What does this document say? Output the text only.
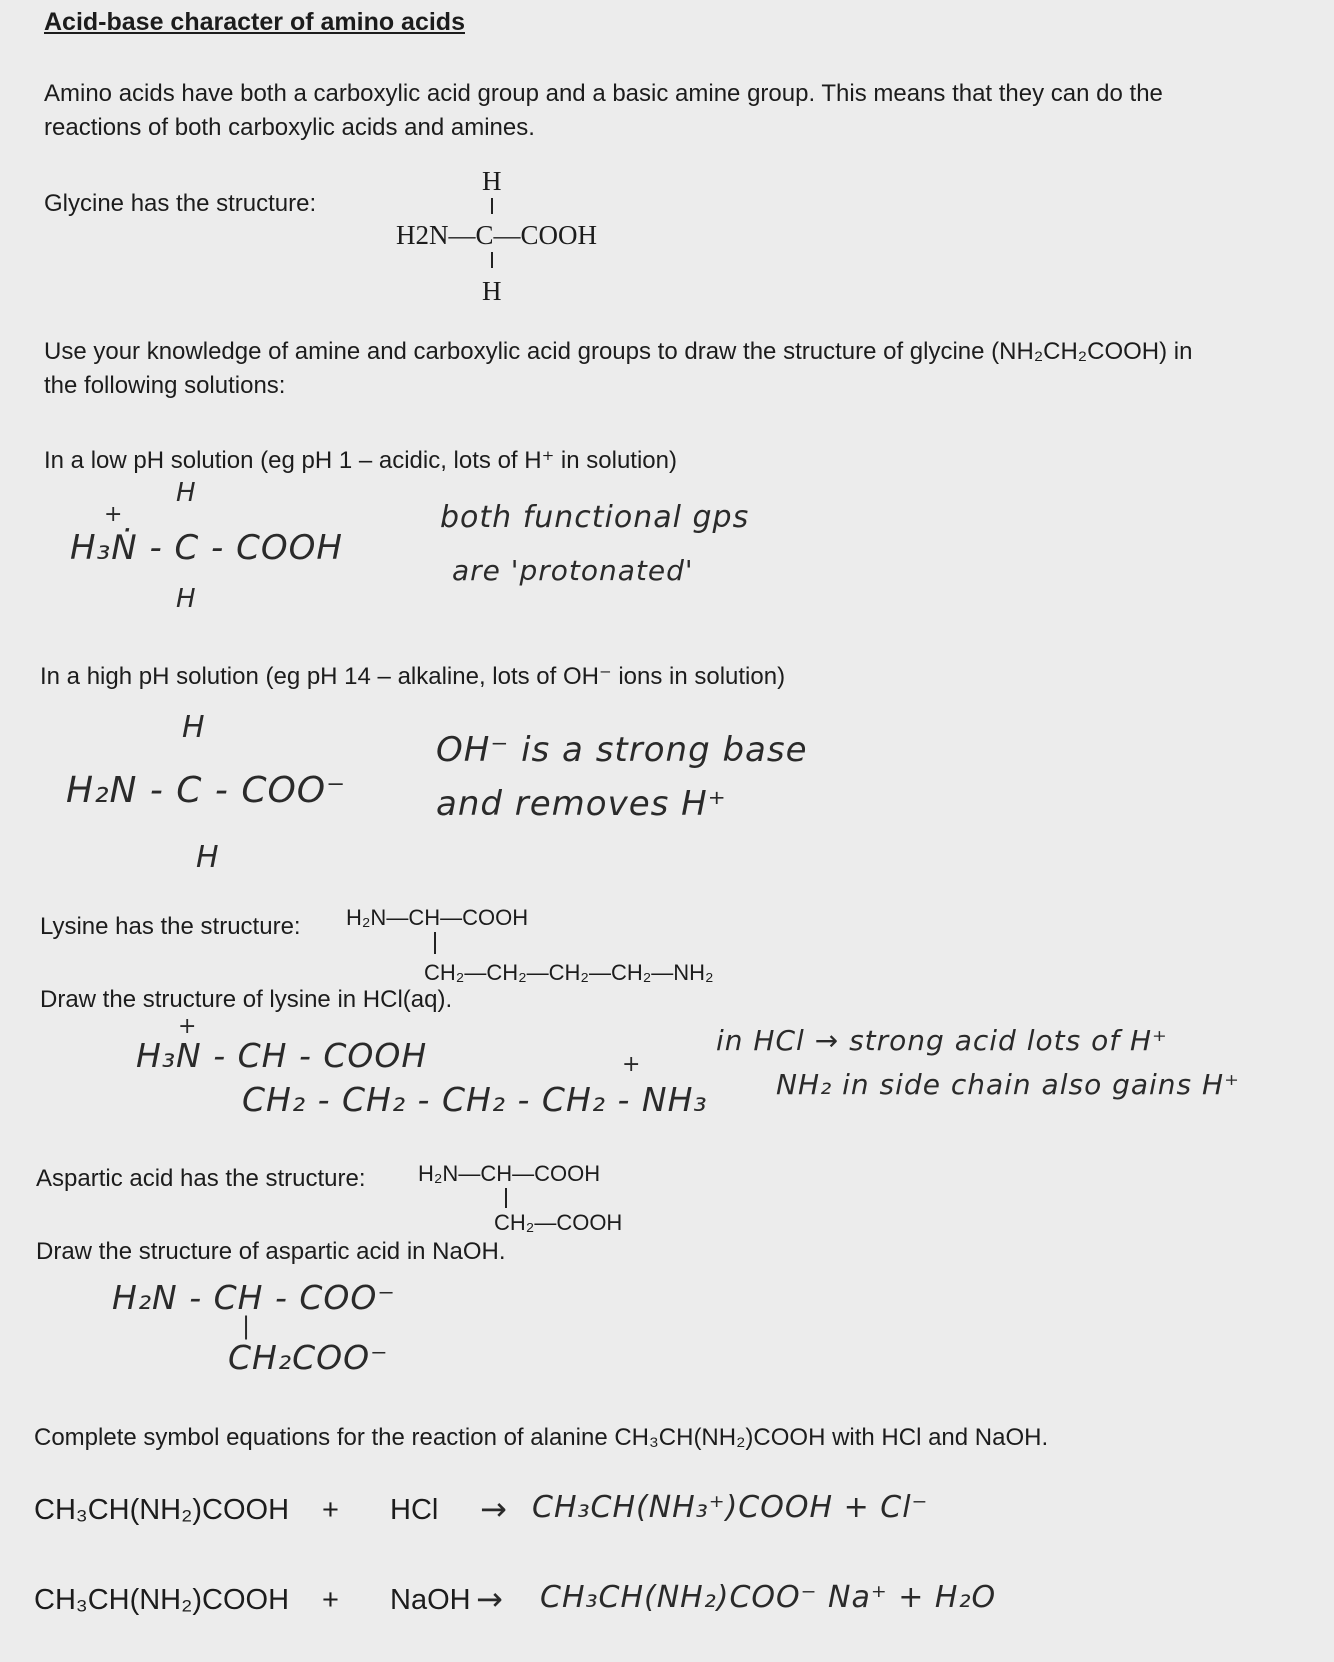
Acid-base character of amino acids
Amino acids have both a carboxylic acid group and a basic amine group. This means that they can do the
reactions of both carboxylic acids and amines.
Glycine has the structure:
H
H2N—C—COOH
H
Use your knowledge of amine and carboxylic acid groups to draw the structure of glycine (NH₂CH₂COOH) in
the following solutions:
In a low pH solution (eg pH 1 – acidic, lots of H⁺ in solution)
H
+
H₃Ṅ - C - COOH
H
both functional gps
are 'protonated'
In a high pH solution (eg pH 14 – alkaline, lots of OH⁻ ions in solution)
H
H₂N - C - COO⁻
H
OH⁻ is a strong base
and removes H⁺
Lysine has the structure: H₂N—CH—COOH
CH₂—CH₂—CH₂—CH₂—NH₂
Draw the structure of lysine in HCl(aq).
+
H₃N - CH - COOH	+
CH₂ - CH₂ - CH₂ - CH₂ - NH₃
in HCl → strong acid lots of H⁺
NH₂ in side chain also gains H⁺
Aspartic acid has the structure: H₂N—CH—COOH
CH₂—COOH
Draw the structure of aspartic acid in NaOH.
H₂N - CH - COO⁻
|
CH₂COO⁻
Complete symbol equations for the reaction of alanine CH₃CH(NH₂)COOH with HCl and NaOH.
CH₃CH(NH₂)COOH + HCl → CH₃CH(NH₃⁺)COOH + Cl⁻
CH₃CH(NH₂)COOH + NaOH → CH₃CH(NH₂)COO⁻ Na⁺ + H₂O
